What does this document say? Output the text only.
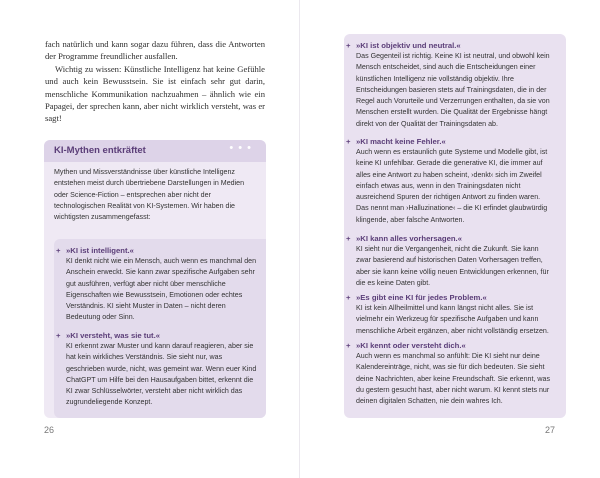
fach natürlich und kann sogar dazu führen, dass die Antworten der Programme freundlicher ausfallen.

Wichtig zu wissen: Künstliche Intelligenz hat keine Gefühle und auch kein Bewusstsein. Sie ist einfach sehr gut darin, menschliche Kommunikation nachzuahmen – ähnlich wie ein Papagei, der sprechen kann, aber nicht wirklich versteht, was er sagt!

KI-Mythen entkräftet	• • •

Mythen und Missverständnisse über künstliche Intelligenz entstehen meist durch übertriebene Darstellungen in Medien oder Science-Fiction – entsprechen aber nicht der technologischen Realität von KI-Systemen. Wir haben die wichtigsten zusammengefasst:

+ »KI ist intelligent.«
KI denkt nicht wie ein Mensch, auch wenn es manchmal den Anschein erweckt. Sie kann zwar spezifische Aufgaben sehr gut ausführen, verfügt aber nicht über menschliche Eigenschaften wie Bewusstsein, Emotionen oder echtes Verständnis. KI sieht Muster in Daten – nicht deren Bedeutung oder Sinn.
+ »KI versteht, was sie tut.«
KI erkennt zwar Muster und kann darauf reagieren, aber sie hat kein wirkliches Verständnis. Sie sieht nur, was geschrieben wurde, nicht, was gemeint war. Wenn euer Kind ChatGPT um Hilfe bei den Hausaufgaben bittet, erkennt die KI zwar Schlüsselwörter, versteht aber nicht wirklich das zugrundeliegende Konzept.
26
+ »KI ist objektiv und neutral.«
Das Gegenteil ist richtig. Keine KI ist neutral, und obwohl kein Mensch entscheidet, sind auch die Entscheidungen einer künstlichen Intelligenz nie vollständig objektiv. Ihre Entscheidungen basieren stets auf Trainingsdaten, die in der Regel auch Vorurteile und Verzerrungen enthalten, da sie von Menschen erstellt wurden. Die Qualität der Ergebnisse hängt direkt von der Qualität der Trainingsdaten ab.
+ »KI macht keine Fehler.«
Auch wenn es erstaunlich gute Systeme und Modelle gibt, ist keine KI unfehlbar. Gerade die generative KI, die immer auf alles eine Antwort zu haben scheint, ›denkt‹ sich im Zweifel einfach etwas aus, wenn in den Trainingsdaten nicht ausreichend Spuren der richtigen Antwort zu finden waren. Das nennt man ›Halluzinatione‹ – die KI erfindet glaubwürdig klingende, aber falsche Antworten.
+ »KI kann alles vorhersagen.«
KI sieht nur die Vergangenheit, nicht die Zukunft. Sie kann zwar basierend auf historischen Daten Vorhersagen treffen, aber sie kann keine völlig neuen Entwicklungen erkennen, für die es keine Daten gibt.
+ »Es gibt eine KI für jedes Problem.«
KI ist kein Allheilmittel und kann längst nicht alles. Sie ist vielmehr ein Werkzeug für spezifische Aufgaben und kann menschliche Arbeit ergänzen, aber nicht vollständig ersetzen.
+ »KI kennt oder versteht dich.«
Auch wenn es manchmal so anfühlt: Die KI sieht nur deine Kalendereinträge, nicht, was sie für dich bedeuten. Sie sieht deine Nachrichten, aber keine Freundschaft. Sie erkennt, was du gestern gesucht hast, aber nicht warum. KI kennt stets nur deinen digitalen Schatten, nie dein wahres Ich.
27
